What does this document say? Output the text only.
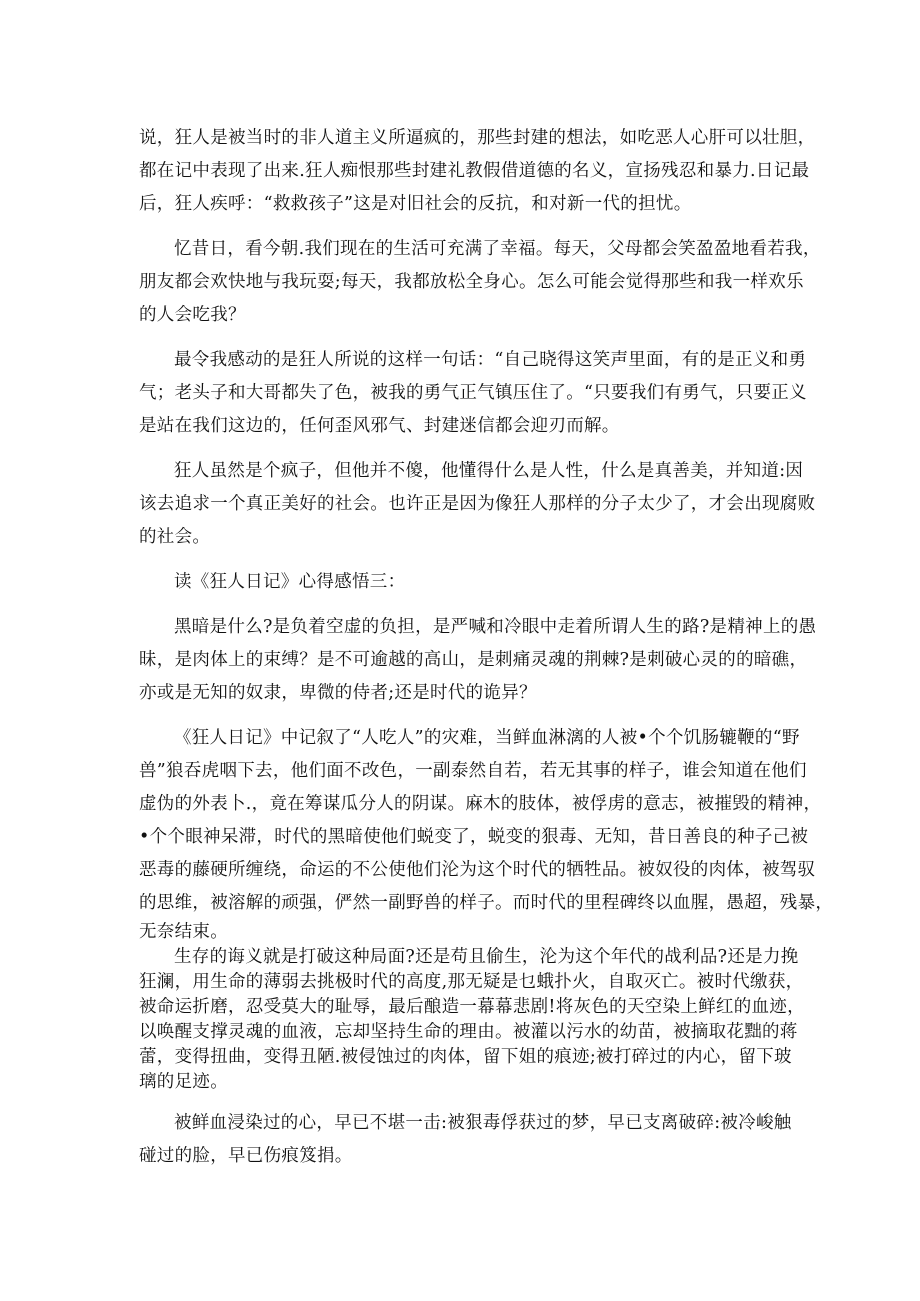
说，狂人是被当时的非人道主义所逼疯的，那些封建的想法，如吃恶人心肝可以壮胆，
都在记中表现了出来.狂人痴恨那些封建礼教假借道德的名义，宣扬残忍和暴力.日记最
后，狂人疾呼：“救救孩子”这是对旧社会的反抗，和对新一代的担忧。
忆昔日，看今朝.我们现在的生活可充满了幸福。每天，父母都会笑盈盈地看若我，
朋友都会欢快地与我玩耍;每天，我都放松全身心。怎么可能会觉得那些和我一样欢乐
的人会吃我？
最令我感动的是狂人所说的这样一句话：“自己晓得这笑声里面，有的是正义和勇
气；老头子和大哥都失了色，被我的勇气正气镇压住了。“只要我们有勇气，只要正义
是站在我们这边的，任何歪风邪气、封建迷信都会迎刃而解。
狂人虽然是个疯子，但他并不傻，他懂得什么是人性，什么是真善美，并知道:因
该去追求一个真正美好的社会。也许正是因为像狂人那样的分子太少了，才会出现腐败
的社会。
读《狂人日记》心得感悟三：
黑暗是什么?是负着空虚的负担，是严喊和冷眼中走着所谓人生的路?是精神上的愚
昧，是肉体上的束缚？是不可逾越的高山，是刺痛灵魂的荆棘?是刺破心灵的的暗礁，
亦或是无知的奴隶，卑微的侍者;还是时代的诡异？
《狂人日记》中记叙了“人吃人”的灾难，当鲜血淋漓的人被•个个饥肠辘鞭的“野
兽”狼吞虎咽下去，他们面不改色，一副泰然自若，若无其事的样子，谁会知道在他们
虚伪的外表卜.，竟在筹谋瓜分人的阴谋。麻木的肢体，被俘虏的意志，被摧毁的精神，
•个个眼神呆滞，时代的黑暗使他们蜕变了，蜕变的狠毒、无知，昔日善良的种子己被
恶毒的藤硬所缠绕，命运的不公使他们沦为这个时代的牺牲品。被奴役的肉体，被驾驭
的思维，被溶解的顽强，俨然一副野兽的样子。而时代的里程碑终以血腥，愚超，残暴，
无奈结束。
生存的诲义就是打破这种局面?还是苟且偷生，沦为这个年代的战利品?还是力挽
狂澜，用生命的薄弱去挑极时代的高度,那无疑是乜蛾扑火，自取灭亡。被时代缴获，
被命运折磨，忍受莫大的耻辱，最后酿造一幕幕悲剧!将灰色的天空染上鲜红的血迹，
以唤醒支撑灵魂的血液，忘却坚持生命的理由。被灌以污水的幼苗，被摘取花黜的蒋
蕾，变得扭曲，变得丑陋.被侵蚀过的肉体，留下姐的痕迹;被打碎过的内心，留下玻
璃的足迹。
被鲜血浸染过的心，早已不堪一击:被狠毒俘获过的梦，早已支离破碎:被冷峻触
碰过的脸，早已伤痕笈捐。
